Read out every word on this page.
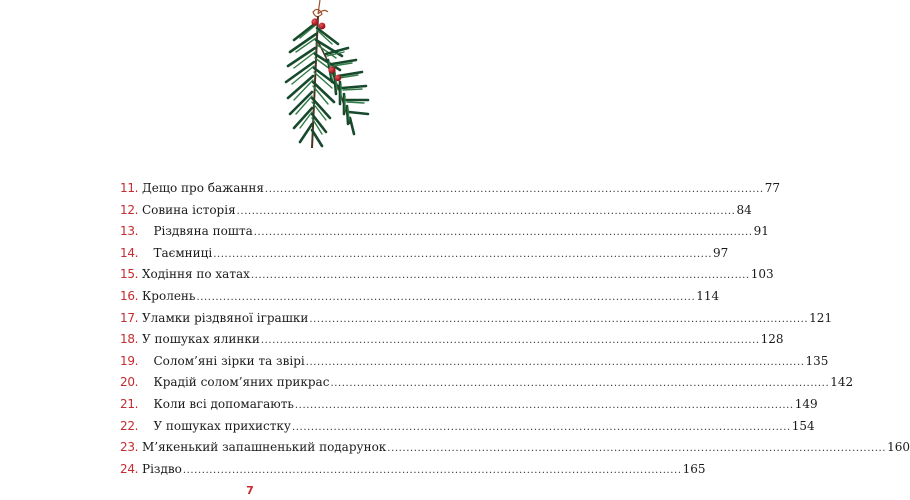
11. Дещо про бажання .....	77
12. Совина історія .....	84
13. Різдвяна пошта .....	91
14. Таємниці .....	97
15. Ходіння по хатах .....	103
16. Кролень .....	114
17. Уламки різдвяної іграшки .....	121
18. У пошуках ялинки .....	128
19. Солом’яні зірки та звірі .....	135
20. Крадій солом’яних прикрас .....	142
21. Коли всі допомагають .....	149
22. У пошуках прихистку .....	154
23. М’якенький запашненький подарунок .....	160
24. Різдво .....	165
7
